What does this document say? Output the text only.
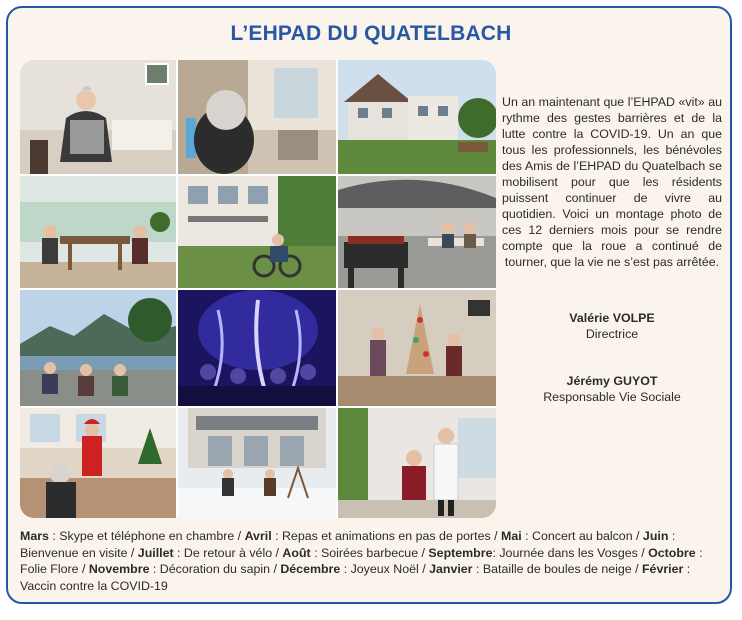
L’EHPAD DU QUATELBACH

Un an maintenant que l’EHPAD «vit» au rythme des gestes barrières et de la lutte contre la COVID-19. Un an que tous les professionnels, les bénévoles des Amis de l’EHPAD du Quatelbach se mobilisent pour que les résidents puissent continuer de vivre au quotidien. Voici un montage photo de ces 12 derniers mois pour se rendre compte que la roue a continué de tourner, que la vie ne s’est pas arrêtée.

Valérie VOLPE
Directrice
Jérémy GUYOT
Responsable Vie Sociale

Mars : Skype et téléphone en chambre / Avril : Repas et animations en pas de portes / Mai : Concert au balcon / Juin : Bienvenue en visite / Juillet : De retour à vélo / Août : Soirées barbecue / Septembre: Journée dans les Vosges / Octobre : Folie Flore / Novembre : Décoration du sapin / Décembre : Joyeux Noël / Janvier : Bataille de boules de neige / Février : Vaccin contre la COVID-19
